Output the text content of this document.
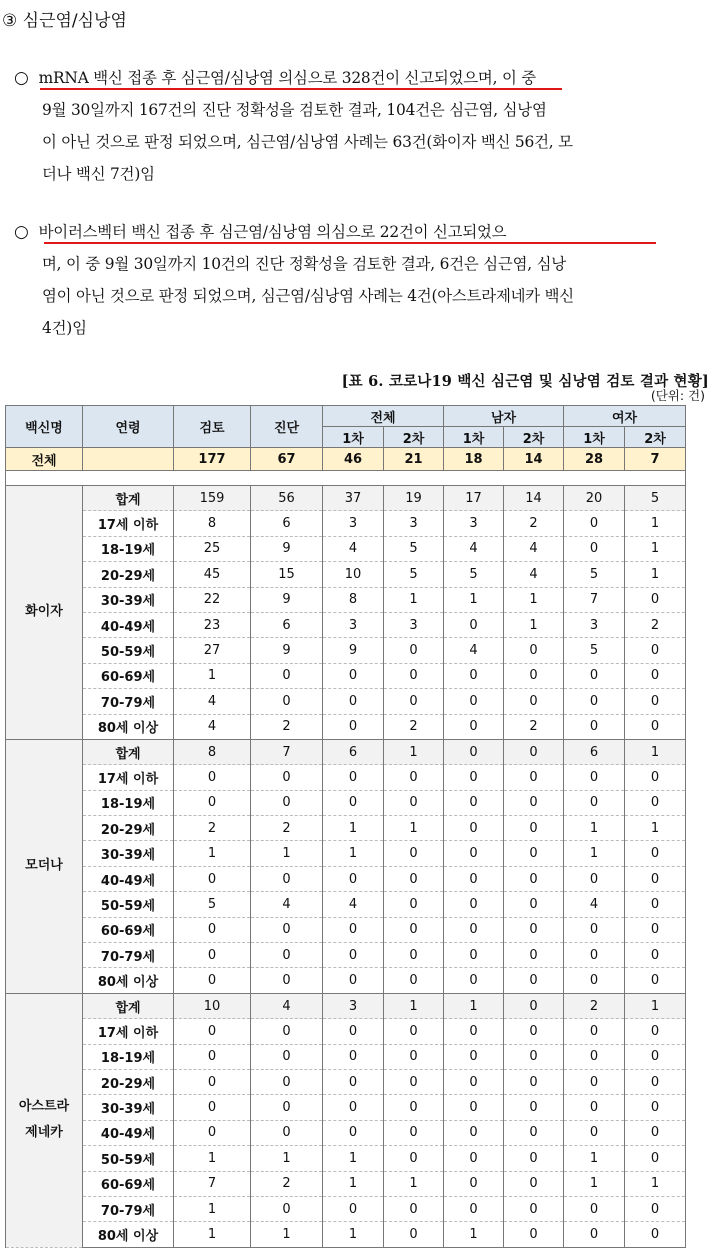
③ 심근염/심낭염
○ mRNA 백신 접종 후 심근염/심낭염 의심으로 328건이 신고되었으며, 이 중
9월 30일까지 167건의 진단 정확성을 검토한 결과, 104건은 심근염, 심낭염
이 아닌 것으로 판정 되었으며, 심근염/심낭염 사례는 63건(화이자 백신 56건, 모
더나 백신 7건)임
○ 바이러스벡터 백신 접종 후 심근염/심낭염 의심으로 22건이 신고되었으
며, 이 중 9월 30일까지 10건의 진단 정확성을 검토한 결과, 6건은 심근염, 심낭
염이 아닌 것으로 판정 되었으며, 심근염/심낭염 사례는 4건(아스트라제네카 백신
4건)임
[표 6. 코로나19 백신 심근염 및 심낭염 검토 결과 현황]
(단위: 건)
백신명	연령	검토	진단	전체		남자		여자	
				1차	2차	1차	2차	1차	2차
전체		177	67	46	21	18	14	28	7

화이자	합계	159	56	37	19	17	14	20	5
	17세 이하	8	6	3	3	3	2	0	1
	18-19세	25	9	4	5	4	4	0	1
	20-29세	45	15	10	5	5	4	5	1
	30-39세	22	9	8	1	1	1	7	0
	40-49세	23	6	3	3	0	1	3	2
	50-59세	27	9	9	0	4	0	5	0
	60-69세	1	0	0	0	0	0	0	0
	70-79세	4	0	0	0	0	0	0	0
	80세 이상	4	2	0	2	0	2	0	0
모더나	합계	8	7	6	1	0	0	6	1
	17세 이하	0	0	0	0	0	0	0	0
	18-19세	0	0	0	0	0	0	0	0
	20-29세	2	2	1	1	0	0	1	1
	30-39세	1	1	1	0	0	0	1	0
	40-49세	0	0	0	0	0	0	0	0
	50-59세	5	4	4	0	0	0	4	0
	60-69세	0	0	0	0	0	0	0	0
	70-79세	0	0	0	0	0	0	0	0
	80세 이상	0	0	0	0	0	0	0	0
아스트라
제네카	합계	10	4	3	1	1	0	2	1
	17세 이하	0	0	0	0	0	0	0	0
	18-19세	0	0	0	0	0	0	0	0
	20-29세	0	0	0	0	0	0	0	0
	30-39세	0	0	0	0	0	0	0	0
	40-49세	0	0	0	0	0	0	0	0
	50-59세	1	1	1	0	0	0	1	0
	60-69세	7	2	1	1	0	0	1	1
	70-79세	1	0	0	0	0	0	0	0
	80세 이상	1	1	1	0	1	0	0	0
